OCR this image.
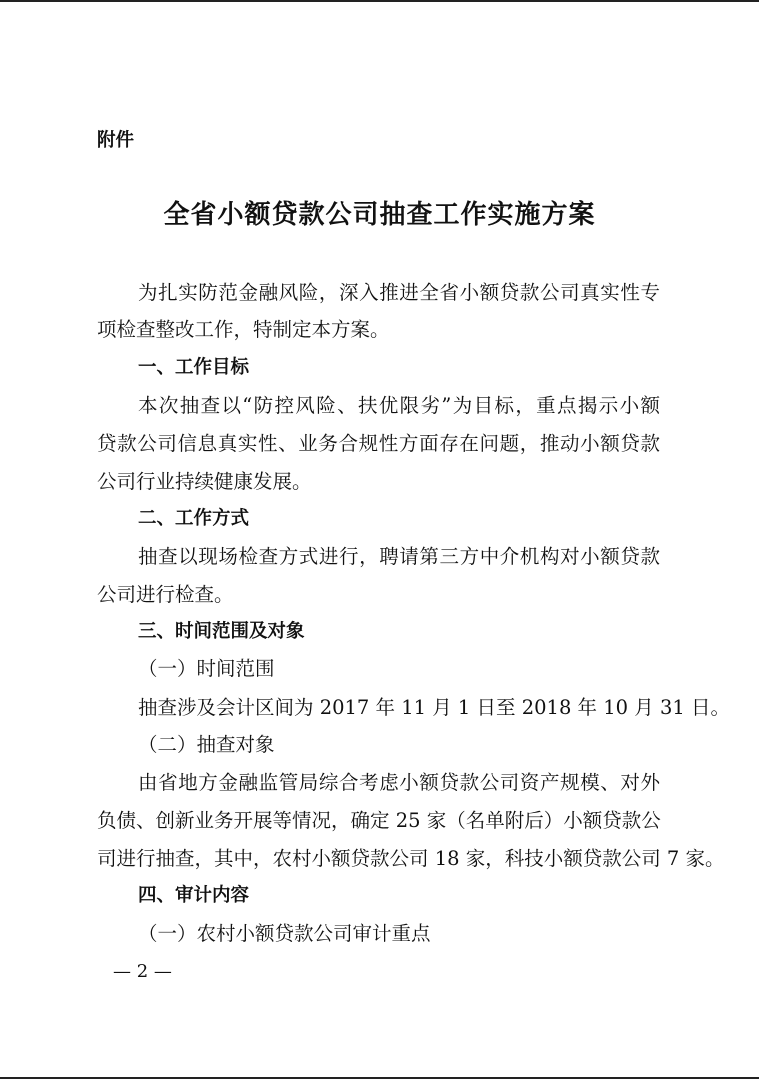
附件
全省小额贷款公司抽查工作实施方案
为扎实防范金融风险，深入推进全省小额贷款公司真实性专
项检查整改工作，特制定本方案。
一、工作目标
本次抽查以“防控风险、扶优限劣”为目标，重点揭示小额
贷款公司信息真实性、业务合规性方面存在问题，推动小额贷款
公司行业持续健康发展。
二、工作方式
抽查以现场检查方式进行，聘请第三方中介机构对小额贷款
公司进行检查。
三、时间范围及对象
（一）时间范围
抽查涉及会计区间为 2017 年 11 月 1 日至 2018 年 10 月 31 日。
（二）抽查对象
由省地方金融监管局综合考虑小额贷款公司资产规模、对外
负债、创新业务开展等情况，确定 25 家（名单附后）小额贷款公
司进行抽查，其中，农村小额贷款公司 18 家，科技小额贷款公司 7 家。
四、审计内容
（一）农村小额贷款公司审计重点
— 2 —
